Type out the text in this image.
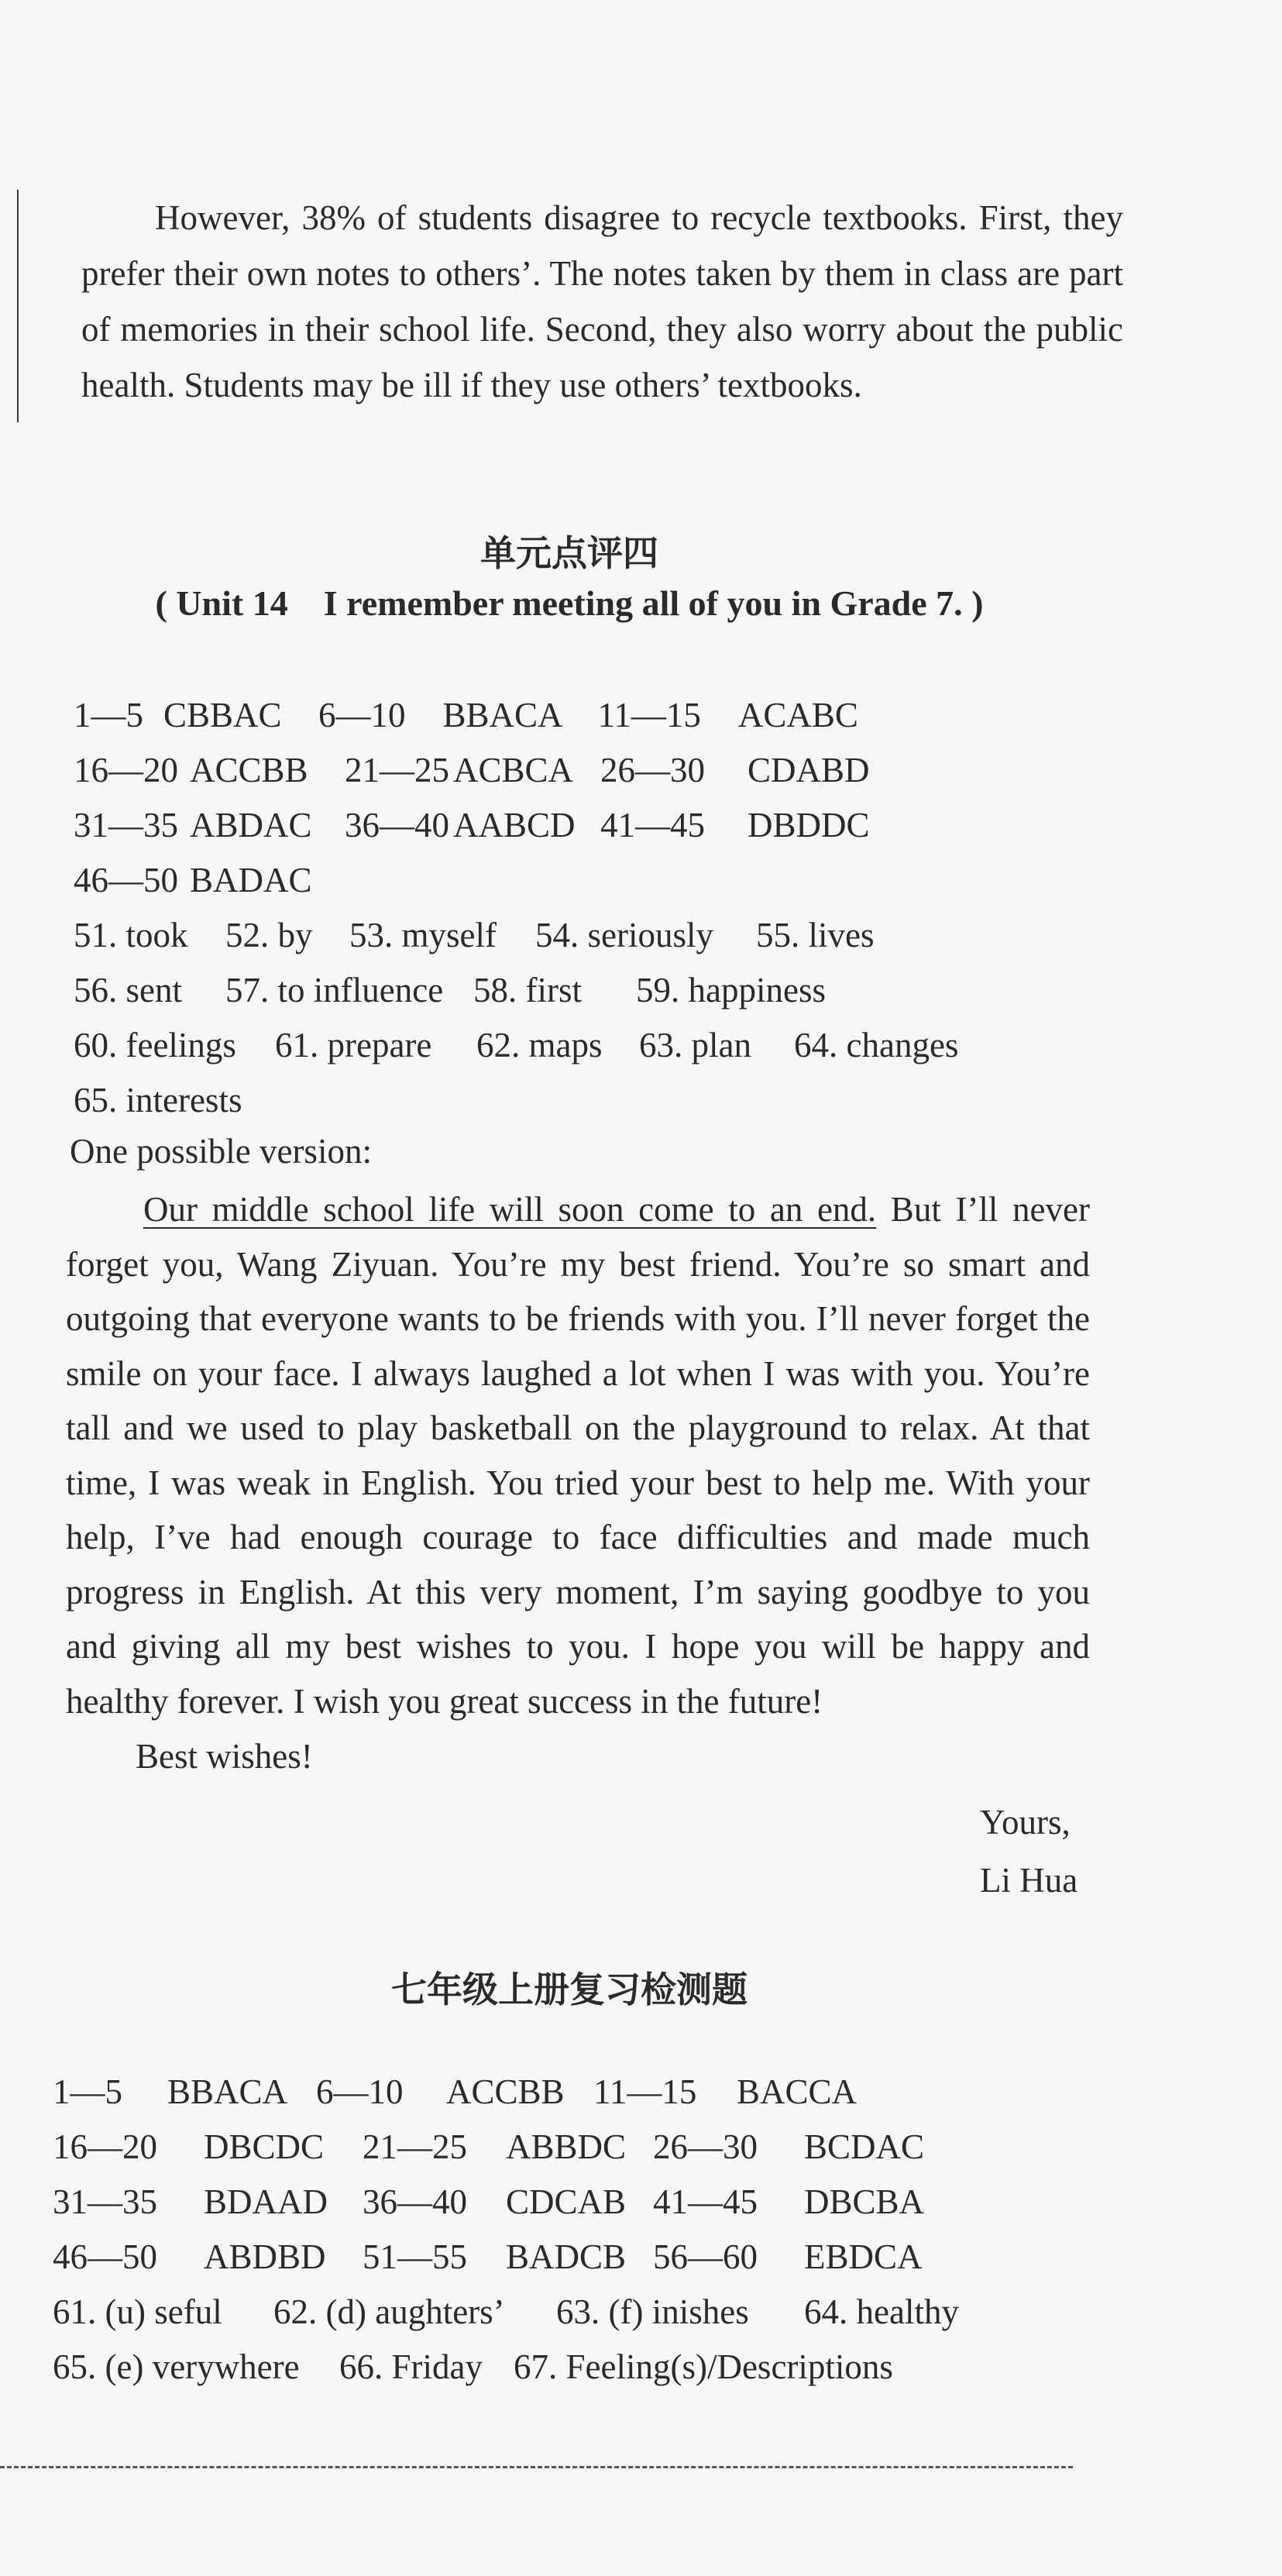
However, 38% of students disagree to recycle textbooks. First, they prefer their own notes to others’. The notes taken by them in class are part of memories in their school life. Second, they also worry about the public health. Students may be ill if they use others’ textbooks.
单元点评四
( Unit 14    I remember meeting all of you in Grade 7. )
1—5 CBBAC 6—10 BBACA 11—15 ACABC
16—20 ACCBB 21—25 ACBCA 26—30 CDABD
31—35 ABDAC 36—40 AABCD 41—45 DBDDC
46—50 BADAC
51. took 52. by 53. myself 54. seriously 55. lives
56. sent 57. to influence 58. first 59. happiness
60. feelings 61. prepare 62. maps 63. plan 64. changes
65. interests
One possible version:
Our middle school life will soon come to an end. But I’ll never forget you, Wang Ziyuan. You’re my best friend. You’re so smart and outgoing that everyone wants to be friends with you. I’ll never forget the smile on your face. I always laughed a lot when I was with you. You’re tall and we used to play basketball on the playground to relax. At that time, I was weak in English. You tried your best to help me. With your help, I’ve had enough courage to face difficulties and made much progress in English. At this very moment, I’m saying goodbye to you and giving all my best wishes to you. I hope you will be happy and healthy forever. I wish you great success in the future!
Best wishes!
Yours,
Li Hua
七年级上册复习检测题
1—5 BBACA 6—10 ACCBB 11—15 BACCA
16—20 DBCDC 21—25 ABBDC 26—30 BCDAC
31—35 BDAAD 36—40 CDCAB 41—45 DBCBA
46—50 ABDBD 51—55 BADCB 56—60 EBDCA
61. (u) seful 62. (d) aughters’ 63. (f) inishes 64. healthy
65. (e) verywhere 66. Friday 67. Feeling(s)/Descriptions
